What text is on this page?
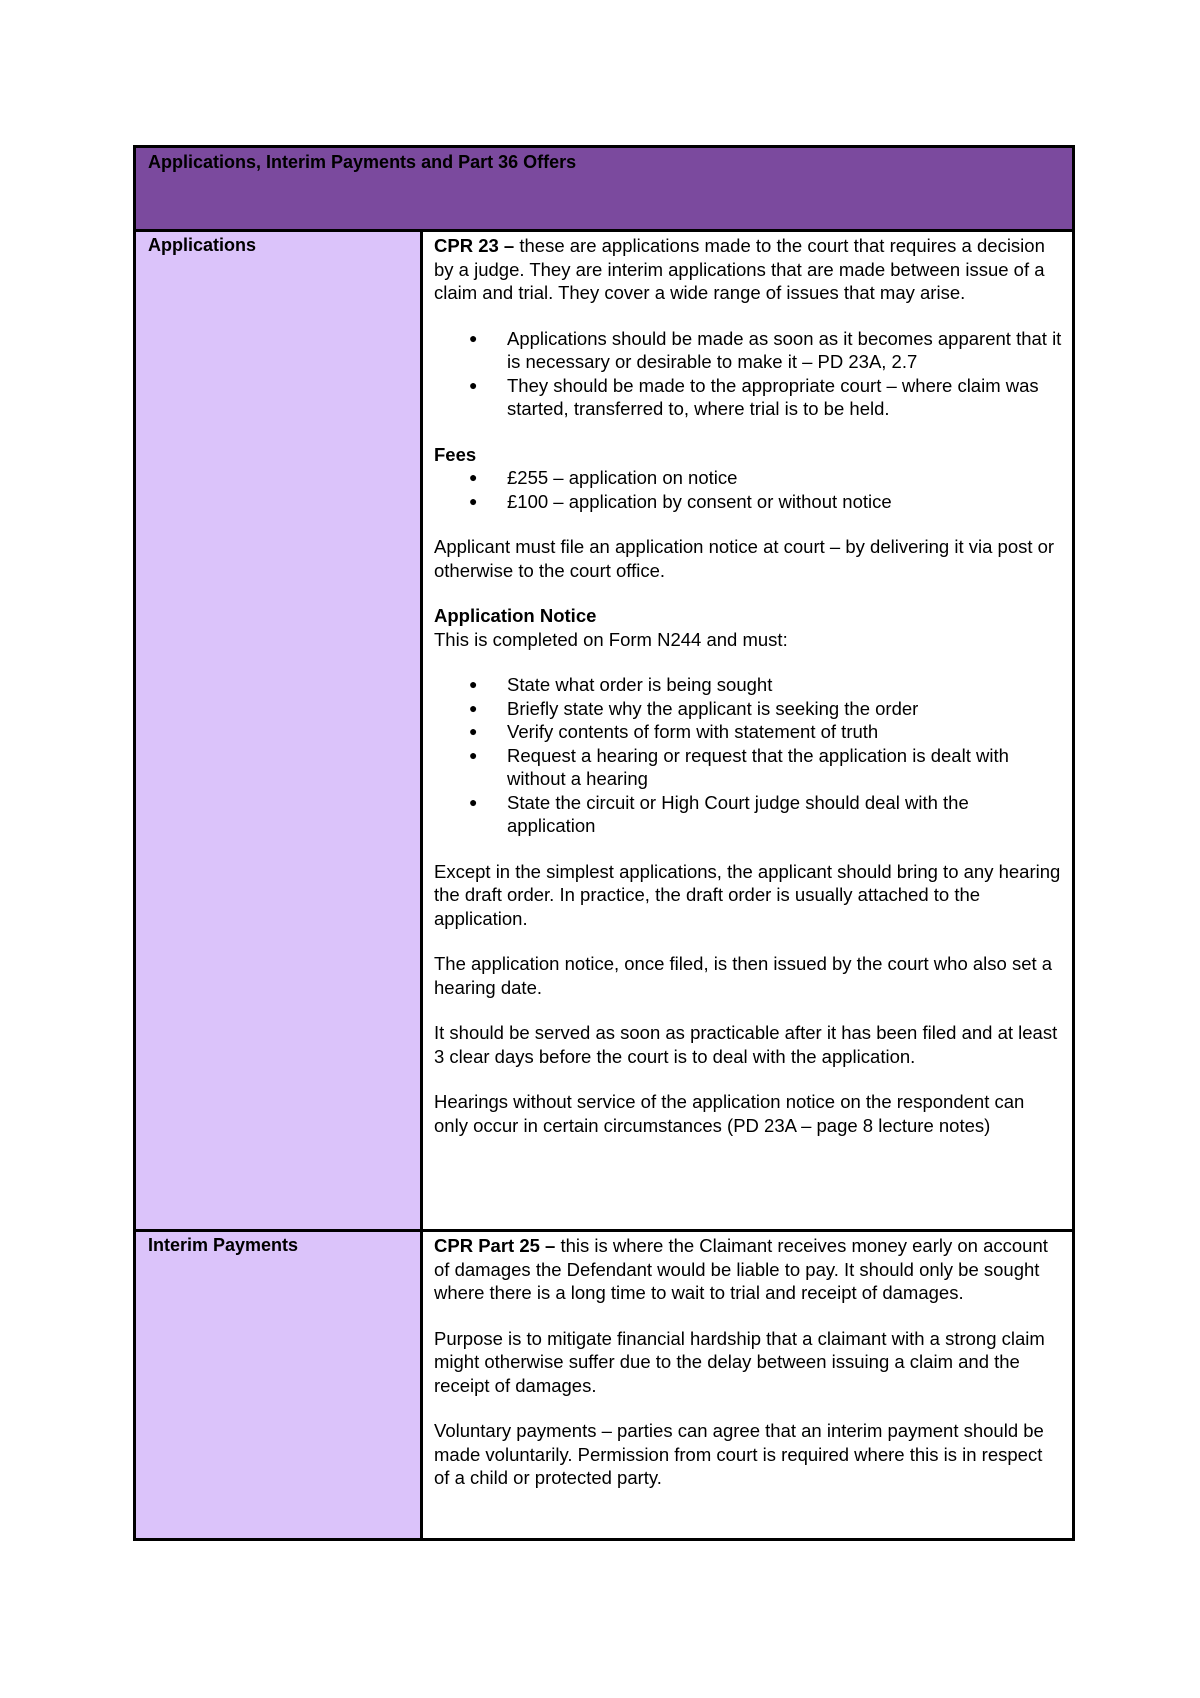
Applications, Interim Payments and Part 36 Offers
Applications	CPR 23 – these are applications made to the court that requires a decision by a judge. They are interim applications that are made between issue of a claim and trial. They cover a wide range of issues that may arise.

● Applications should be made as soon as it becomes apparent that it is necessary or desirable to make it – PD 23A, 2.7
● They should be made to the appropriate court – where claim was started, transferred to, where trial is to be held.

Fees

● £255 – application on notice
● £100 – application by consent or without notice

Applicant must file an application notice at court – by delivering it via post or otherwise to the court office.

Application Notice

This is completed on Form N244 and must:

● State what order is being sought
● Briefly state why the applicant is seeking the order
● Verify contents of form with statement of truth
● Request a hearing or request that the application is dealt with without a hearing
● State the circuit or High Court judge should deal with the application

Except in the simplest applications, the applicant should bring to any hearing the draft order. In practice, the draft order is usually attached to the application.

The application notice, once filed, is then issued by the court who also set a hearing date.

It should be served as soon as practicable after it has been filed and at least 3 clear days before the court is to deal with the application.

Hearings without service of the application notice on the respondent can only occur in certain circumstances (PD 23A – page 8 lecture notes)

Interim Payments	CPR Part 25 – this is where the Claimant receives money early on account of damages the Defendant would be liable to pay. It should only be sought where there is a long time to wait to trial and receipt of damages.

Purpose is to mitigate financial hardship that a claimant with a strong claim might otherwise suffer due to the delay between issuing a claim and the receipt of damages.

Voluntary payments – parties can agree that an interim payment should be made voluntarily. Permission from court is required where this is in respect of a child or protected party.
